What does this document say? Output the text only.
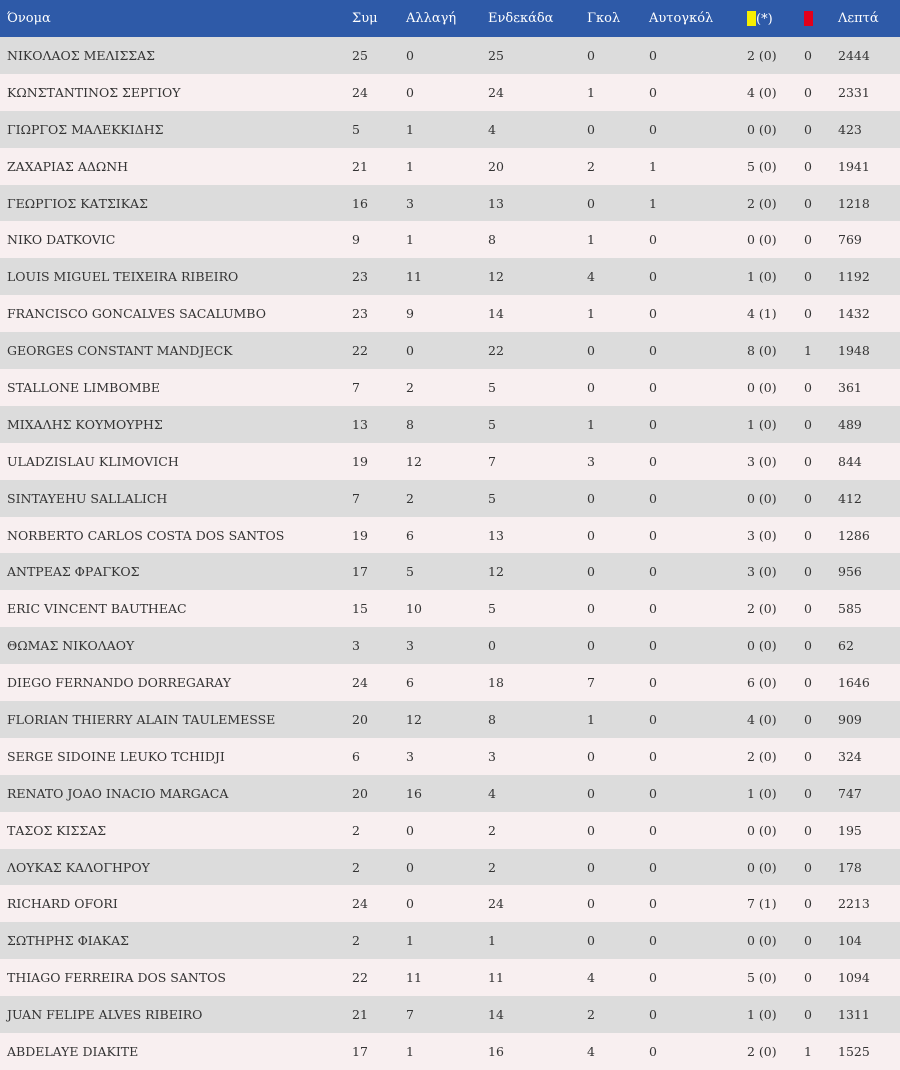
Όνομα	Συμ	Αλλαγή	Ενδεκάδα	Γκολ	Αυτογκόλ	(*)		Λεπτά
ΝΙΚΟΛΑΟΣ ΜΕΛΙΣΣΑΣ	25	0	25	0	0	2 (0)	0	2444
ΚΩΝΣΤΑΝΤΙΝΟΣ ΣΕΡΓΙΟΥ	24	0	24	1	0	4 (0)	0	2331
ΓΙΩΡΓΟΣ ΜΑΛΕΚΚΙΔΗΣ	5	1	4	0	0	0 (0)	0	423
ΖΑΧΑΡΙΑΣ ΑΔΩΝΗ	21	1	20	2	1	5 (0)	0	1941
ΓΕΩΡΓΙΟΣ ΚΑΤΣΙΚΑΣ	16	3	13	0	1	2 (0)	0	1218
NIKO DATKOVIC	9	1	8	1	0	0 (0)	0	769
LOUIS MIGUEL TEIXEIRA RIBEIRO	23	11	12	4	0	1 (0)	0	1192
FRANCISCO GONCALVES SACALUMBO	23	9	14	1	0	4 (1)	0	1432
GEORGES CONSTANT MANDJECK	22	0	22	0	0	8 (0)	1	1948
STALLONE LIMBOMBE	7	2	5	0	0	0 (0)	0	361
ΜΙΧΑΛΗΣ ΚΟΥΜΟΥΡΗΣ	13	8	5	1	0	1 (0)	0	489
ULADZISLAU KLIMOVICH	19	12	7	3	0	3 (0)	0	844
SINTAYEHU SALLALICH	7	2	5	0	0	0 (0)	0	412
NORBERTO CARLOS COSTA DOS SANTOS	19	6	13	0	0	3 (0)	0	1286
ΑΝΤΡΕΑΣ ΦΡΑΓΚΟΣ	17	5	12	0	0	3 (0)	0	956
ERIC VINCENT BAUTHEAC	15	10	5	0	0	2 (0)	0	585
ΘΩΜΑΣ ΝΙΚΟΛΑΟΥ	3	3	0	0	0	0 (0)	0	62
DIEGO FERNANDO DORREGARAY	24	6	18	7	0	6 (0)	0	1646
FLORIAN THIERRY ALAIN TAULEMESSE	20	12	8	1	0	4 (0)	0	909
SERGE SIDOINE LEUKO TCHIDJI	6	3	3	0	0	2 (0)	0	324
RENATO JOAO INACIO MARGACA	20	16	4	0	0	1 (0)	0	747
ΤΑΣΟΣ ΚΙΣΣΑΣ	2	0	2	0	0	0 (0)	0	195
ΛΟΥΚΑΣ ΚΑΛΟΓΗΡΟΥ	2	0	2	0	0	0 (0)	0	178
RICHARD OFORI	24	0	24	0	0	7 (1)	0	2213
ΣΩΤΗΡΗΣ ΦΙΑΚΑΣ	2	1	1	0	0	0 (0)	0	104
THIAGO FERREIRA DOS SANTOS	22	11	11	4	0	5 (0)	0	1094
JUAN FELIPE ALVES RIBEIRO	21	7	14	2	0	1 (0)	0	1311
ABDELAYE DIAKITE	17	1	16	4	0	2 (0)	1	1525
